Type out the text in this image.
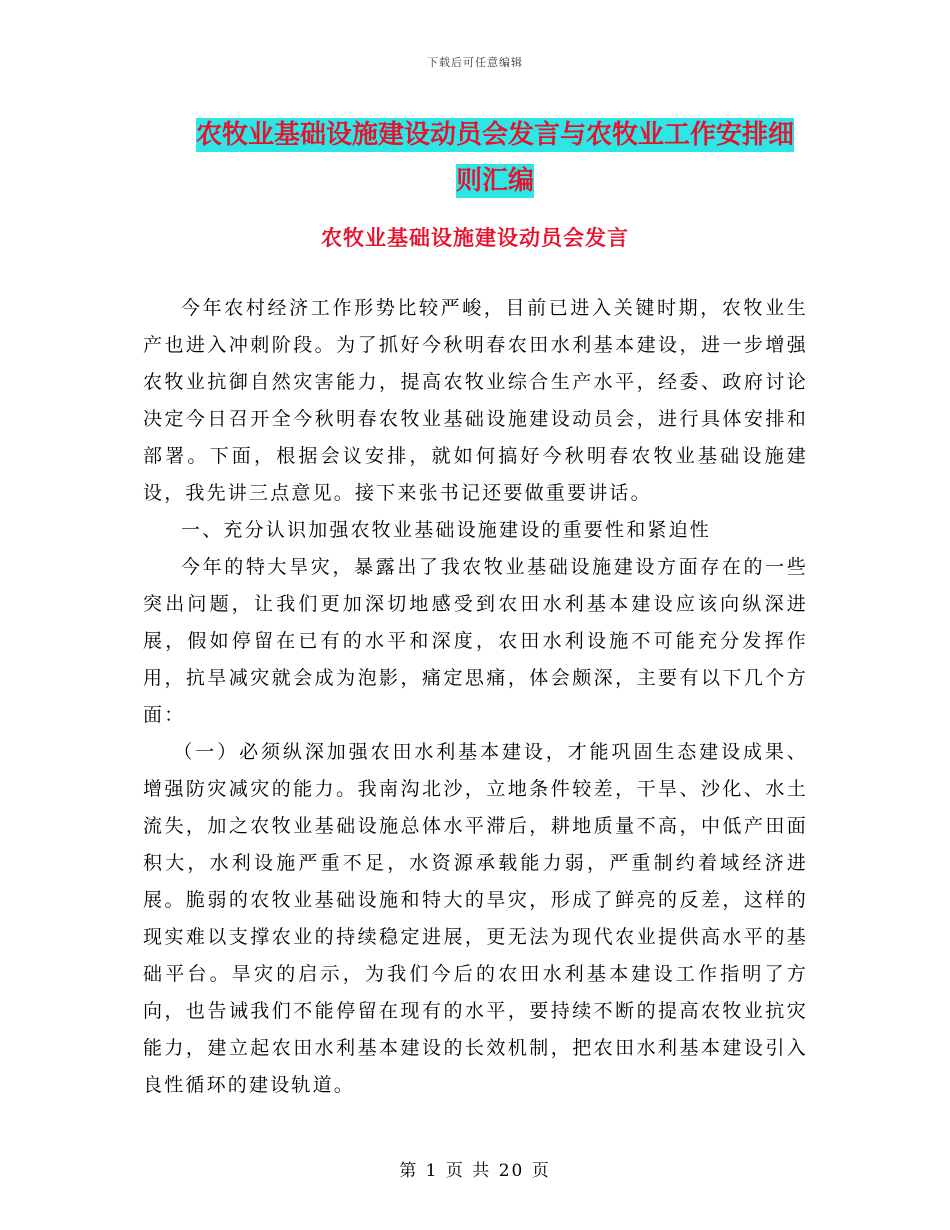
下载后可任意编辑
农牧业基础设施建设动员会发言与农牧业工作安排细
则汇编
农牧业基础设施建设动员会发言

今年农村经济工作形势比较严峻，目前已进入关键时期，农牧业生产也进入冲刺阶段。为了抓好今秋明春农田水利基本建设，进一步增强农牧业抗御自然灾害能力，提高农牧业综合生产水平，经委、政府讨论决定今日召开全今秋明春农牧业基础设施建设动员会，进行具体安排和部署。下面，根据会议安排，就如何搞好今秋明春农牧业基础设施建设，我先讲三点意见。接下来张书记还要做重要讲话。

一、充分认识加强农牧业基础设施建设的重要性和紧迫性

今年的特大旱灾，暴露出了我农牧业基础设施建设方面存在的一些突出问题，让我们更加深切地感受到农田水利基本建设应该向纵深进展，假如停留在已有的水平和深度，农田水利设施不可能充分发挥作用，抗旱减灾就会成为泡影，痛定思痛，体会颇深，主要有以下几个方面：

（一）必须纵深加强农田水利基本建设，才能巩固生态建设成果、增强防灾减灾的能力。我南沟北沙，立地条件较差，干旱、沙化、水土流失，加之农牧业基础设施总体水平滞后，耕地质量不高，中低产田面积大，水利设施严重不足，水资源承载能力弱，严重制约着域经济进展。脆弱的农牧业基础设施和特大的旱灾，形成了鲜亮的反差，这样的现实难以支撑农业的持续稳定进展，更无法为现代农业提供高水平的基础平台。旱灾的启示，为我们今后的农田水利基本建设工作指明了方向，也告诫我们不能停留在现有的水平，要持续不断的提高农牧业抗灾能力，建立起农田水利基本建设的长效机制，把农田水利基本建设引入良性循环的建设轨道。

第 1 页 共 20 页
